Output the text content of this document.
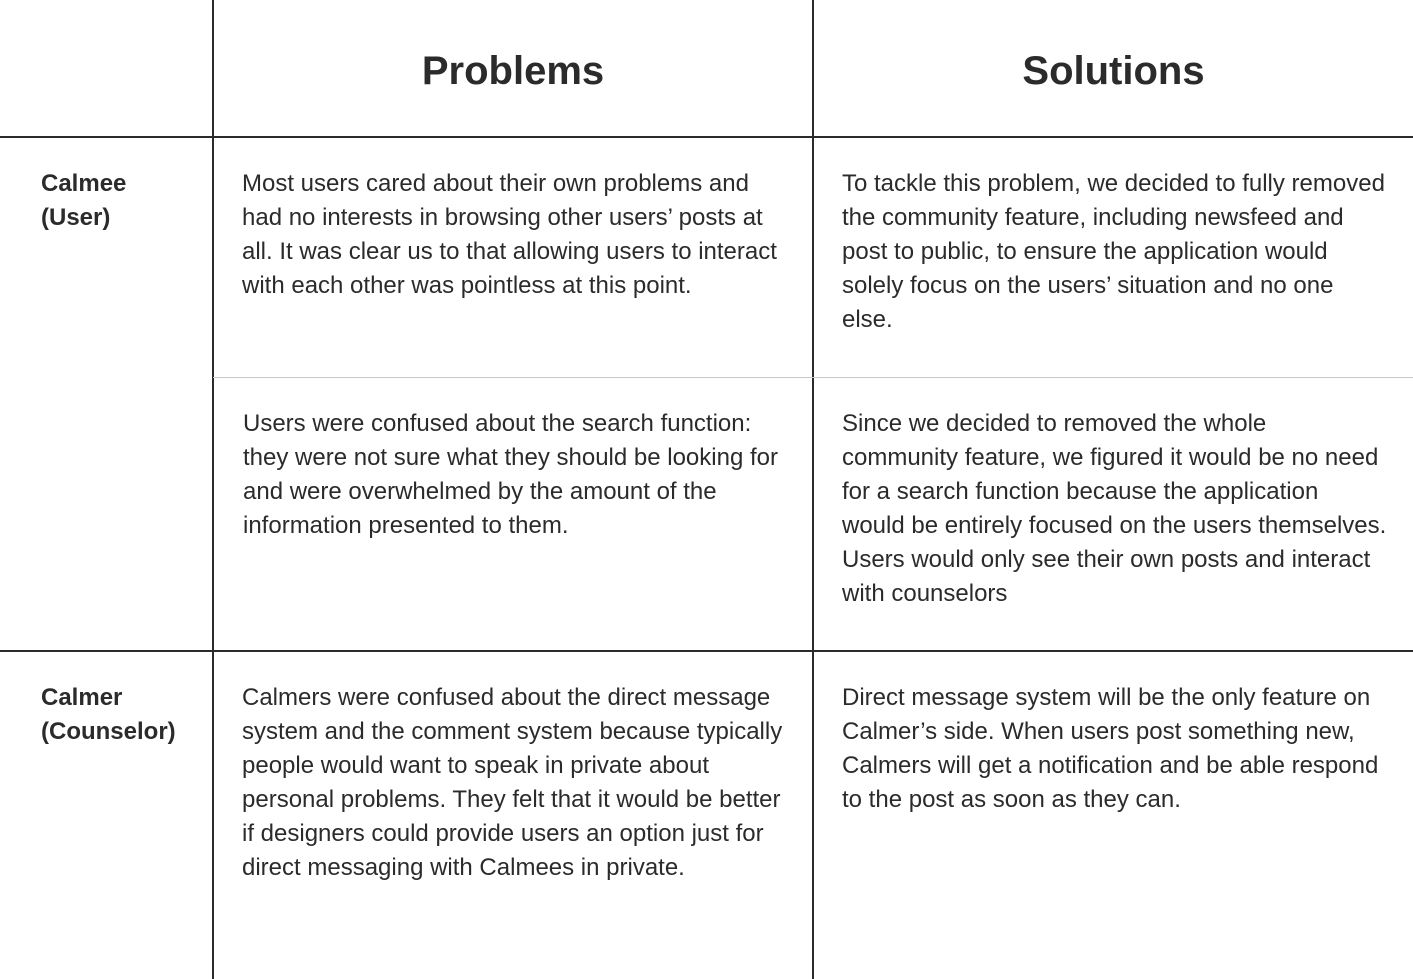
Problems	Solutions
Calmee
(User)
Calmer
(Counselor)

Most users cared about their own problems and had no interests in browsing other users’ posts at all. It was clear us to that allowing users to interact with each other was pointless at this point.

To tackle this problem, we decided to fully removed the community feature, including newsfeed and post to public, to ensure the application would solely focus on the users’ situation and no one else.

Users were confused about the search function: they were not sure what they should be looking for and were overwhelmed by the amount of the information presented to them.

Since we decided to removed the whole community feature, we figured it would be no need for a search function because the application would be entirely focused on the users themselves. Users would only see their own posts and interact with counselors

Calmers were confused about the direct message system and the comment system because typically people would want to speak in private about personal problems. They felt that it would be better if designers could provide users an option just for direct messaging with Calmees in private.

Direct message system will be the only feature on Calmer’s side. When users post something new, Calmers will get a notification and be able respond to the post as soon as they can.
